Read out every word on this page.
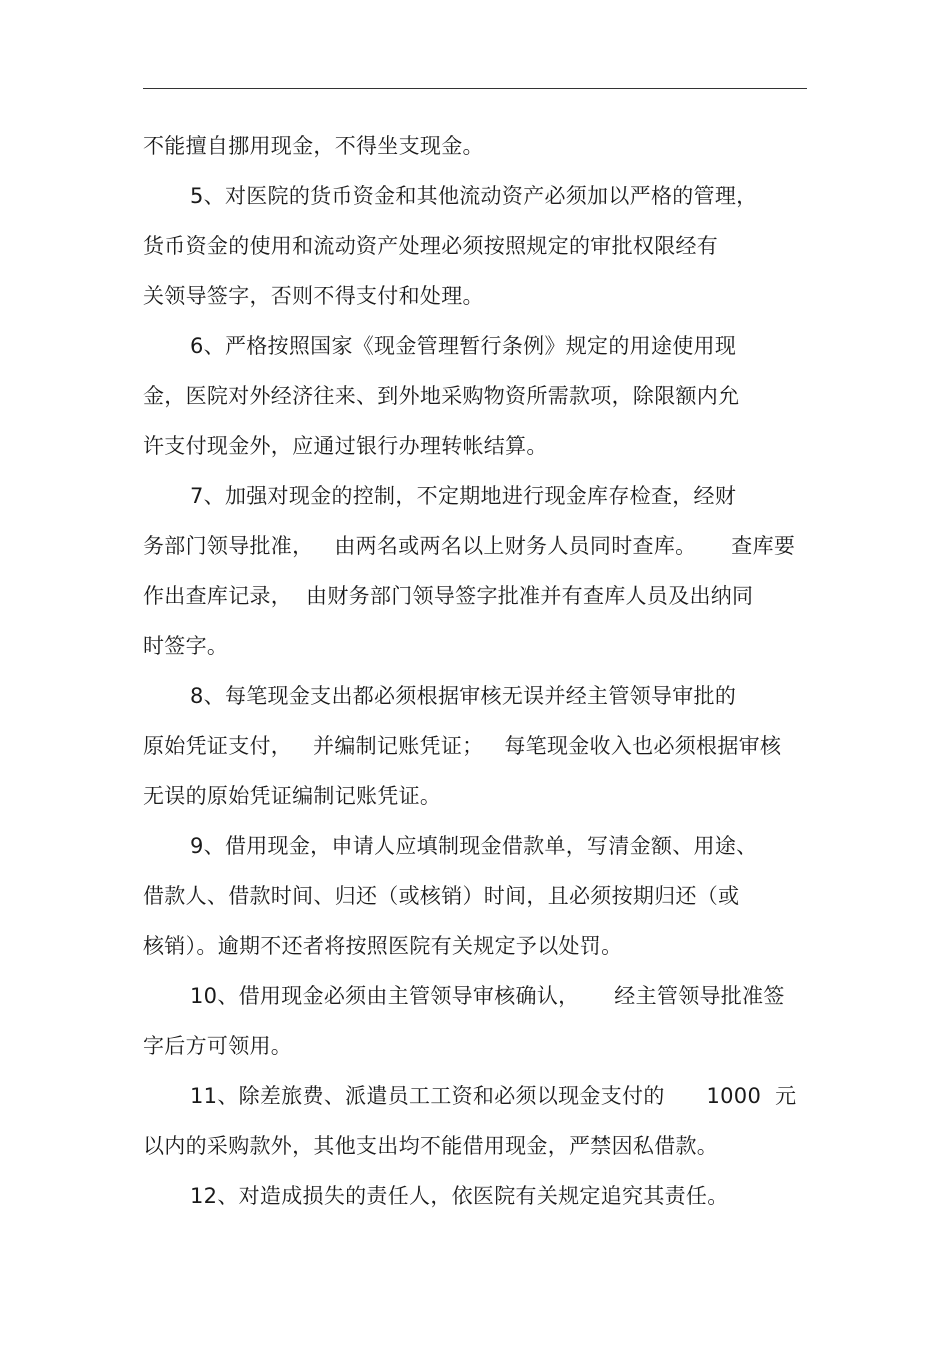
不能擅自挪用现金，不得坐支现金。
5、对医院的货币资金和其他流动资产必须加以严格的管理，
货币资金的使用和流动资产处理必须按照规定的审批权限经有
关领导签字，否则不得支付和处理。
6、严格按照国家《现金管理暂行条例》规定的用途使用现
金，医院对外经济往来、到外地采购物资所需款项，除限额内允
许支付现金外，应通过银行办理转帐结算。
7、加强对现金的控制，不定期地进行现金库存检查，经财
务部门领导批准，   由两名或两名以上财务人员同时查库。     查库要
作出查库记录，  由财务部门领导签字批准并有查库人员及出纳同
时签字。
8、每笔现金支出都必须根据审核无误并经主管领导审批的
原始凭证支付，   并编制记账凭证；   每笔现金收入也必须根据审核
无误的原始凭证编制记账凭证。
9、借用现金，申请人应填制现金借款单，写清金额、用途、
借款人、借款时间、归还（或核销）时间，且必须按期归还（或
核销）。逾期不还者将按照医院有关规定予以处罚。
10、借用现金必须由主管领导审核确认，     经主管领导批准签
字后方可领用。
11、除差旅费、派遣员工工资和必须以现金支付的      1000  元
以内的采购款外，其他支出均不能借用现金，严禁因私借款。
12、对造成损失的责任人，依医院有关规定追究其责任。
